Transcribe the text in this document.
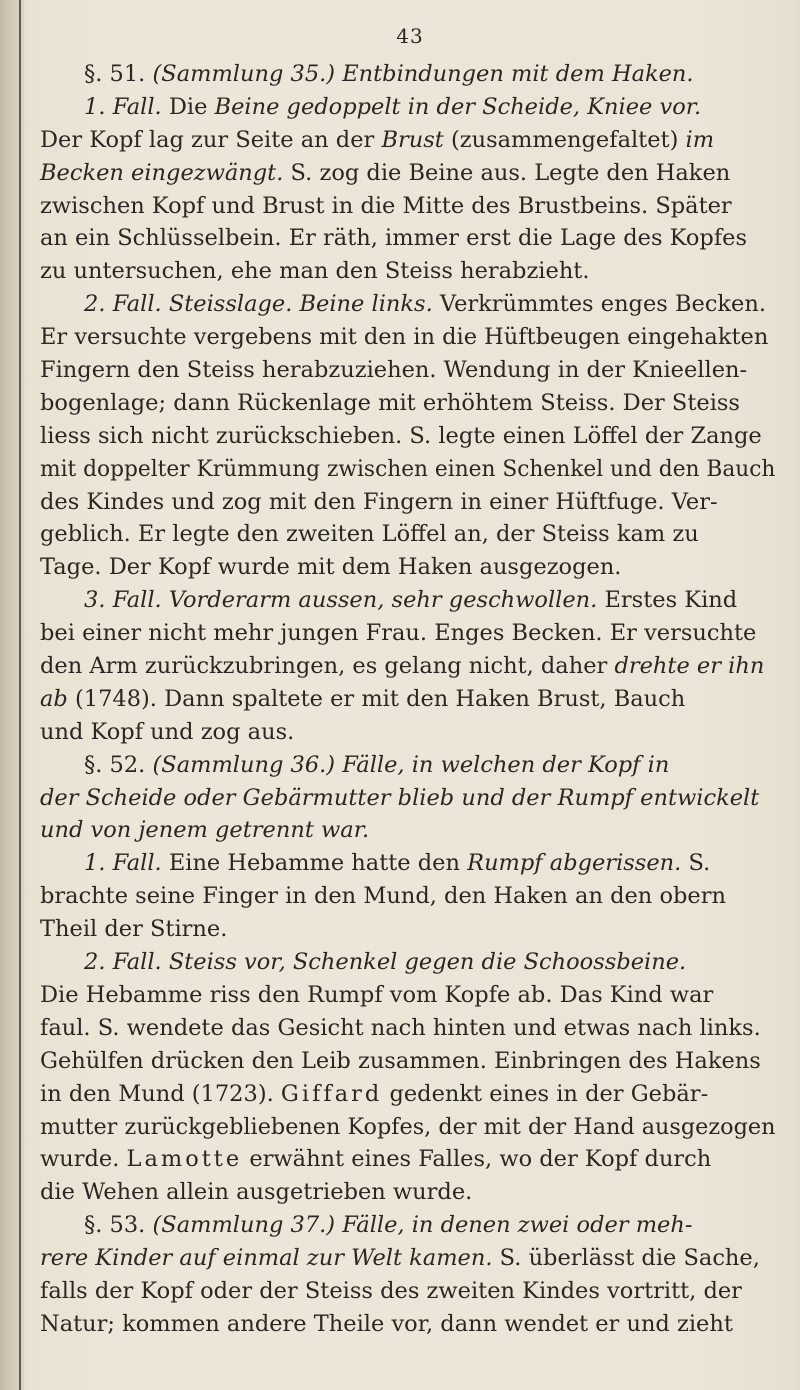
43
§. 51. (Sammlung 35.) Entbindungen mit dem Haken.
1. Fall. Die Beine gedoppelt in der Scheide, Kniee vor.
Der Kopf lag zur Seite an der Brust (zusammengefaltet) im
Becken eingezwängt. S. zog die Beine aus. Legte den Haken
zwischen Kopf und Brust in die Mitte des Brustbeins. Später
an ein Schlüsselbein. Er räth, immer erst die Lage des Kopfes
zu untersuchen, ehe man den Steiss herabzieht.
2. Fall. Steisslage. Beine links. Verkrümmtes enges Becken.
Er versuchte vergebens mit den in die Hüftbeugen eingehakten
Fingern den Steiss herabzuziehen. Wendung in der Knieellen-
bogenlage; dann Rückenlage mit erhöhtem Steiss. Der Steiss
liess sich nicht zurückschieben. S. legte einen Löffel der Zange
mit doppelter Krümmung zwischen einen Schenkel und den Bauch
des Kindes und zog mit den Fingern in einer Hüftfuge. Ver-
geblich. Er legte den zweiten Löffel an, der Steiss kam zu
Tage. Der Kopf wurde mit dem Haken ausgezogen.
3. Fall. Vorderarm aussen, sehr geschwollen. Erstes Kind
bei einer nicht mehr jungen Frau. Enges Becken. Er versuchte
den Arm zurückzubringen, es gelang nicht, daher drehte er ihn
ab (1748). Dann spaltete er mit den Haken Brust, Bauch
und Kopf und zog aus.
§. 52. (Sammlung 36.) Fälle, in welchen der Kopf in
der Scheide oder Gebärmutter blieb und der Rumpf entwickelt
und von jenem getrennt war.
1. Fall. Eine Hebamme hatte den Rumpf abgerissen. S.
brachte seine Finger in den Mund, den Haken an den obern
Theil der Stirne.
2. Fall. Steiss vor, Schenkel gegen die Schoossbeine.
Die Hebamme riss den Rumpf vom Kopfe ab. Das Kind war
faul. S. wendete das Gesicht nach hinten und etwas nach links.
Gehülfen drücken den Leib zusammen. Einbringen des Hakens
in den Mund (1723). Giffard gedenkt eines in der Gebär-
mutter zurückgebliebenen Kopfes, der mit der Hand ausgezogen
wurde. Lamotte erwähnt eines Falles, wo der Kopf durch
die Wehen allein ausgetrieben wurde.
§. 53. (Sammlung 37.) Fälle, in denen zwei oder meh-
rere Kinder auf einmal zur Welt kamen. S. überlässt die Sache,
falls der Kopf oder der Steiss des zweiten Kindes vortritt, der
Natur; kommen andere Theile vor, dann wendet er und zieht
